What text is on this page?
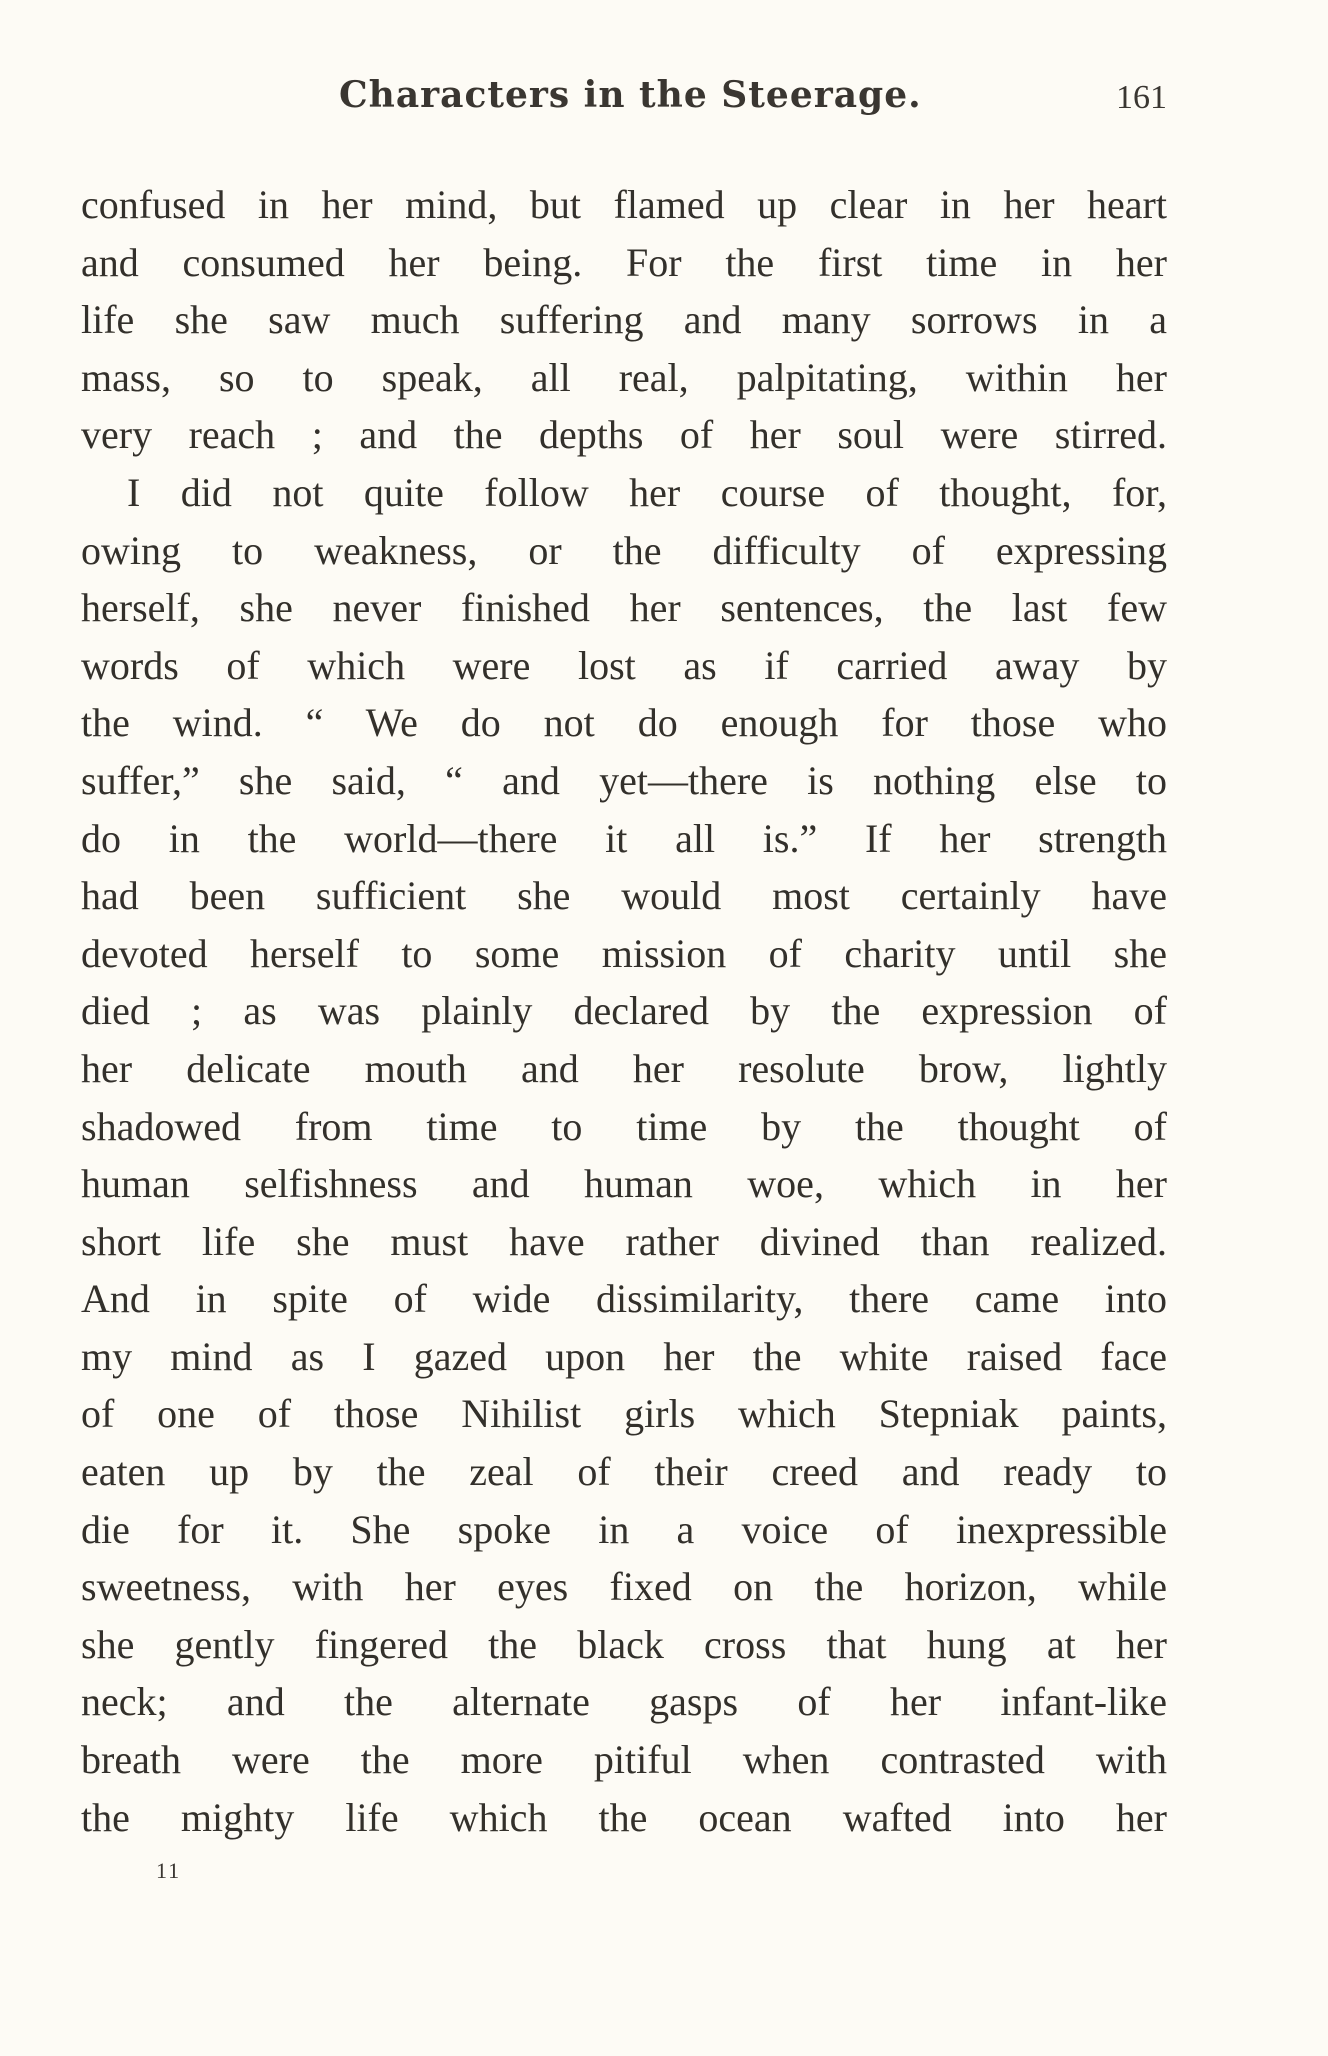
Characters in the Steerage.	161
confused in her mind, but flamed up clear in her heart
and consumed her being. For the first time in her
life she saw much suffering and many sorrows in a
mass, so to speak, all real, palpitating, within her
very reach ; and the depths of her soul were stirred.
I did not quite follow her course of thought, for,
owing to weakness, or the difficulty of expressing
herself, she never finished her sentences, the last few
words of which were lost as if carried away by
the wind. “ We do not do enough for those who
suffer,” she said, “ and yet—there is nothing else to
do in the world—there it all is.” If her strength
had been sufficient she would most certainly have
devoted herself to some mission of charity until she
died ; as was plainly declared by the expression of
her delicate mouth and her resolute brow, lightly
shadowed from time to time by the thought of
human selfishness and human woe, which in her
short life she must have rather divined than realized.
And in spite of wide dissimilarity, there came into
my mind as I gazed upon her the white raised face
of one of those Nihilist girls which Stepniak paints,
eaten up by the zeal of their creed and ready to
die for it. She spoke in a voice of inexpressible
sweetness, with her eyes fixed on the horizon, while
she gently fingered the black cross that hung at her
neck; and the alternate gasps of her infant-like
breath were the more pitiful when contrasted with
the mighty life which the ocean wafted into her
11
